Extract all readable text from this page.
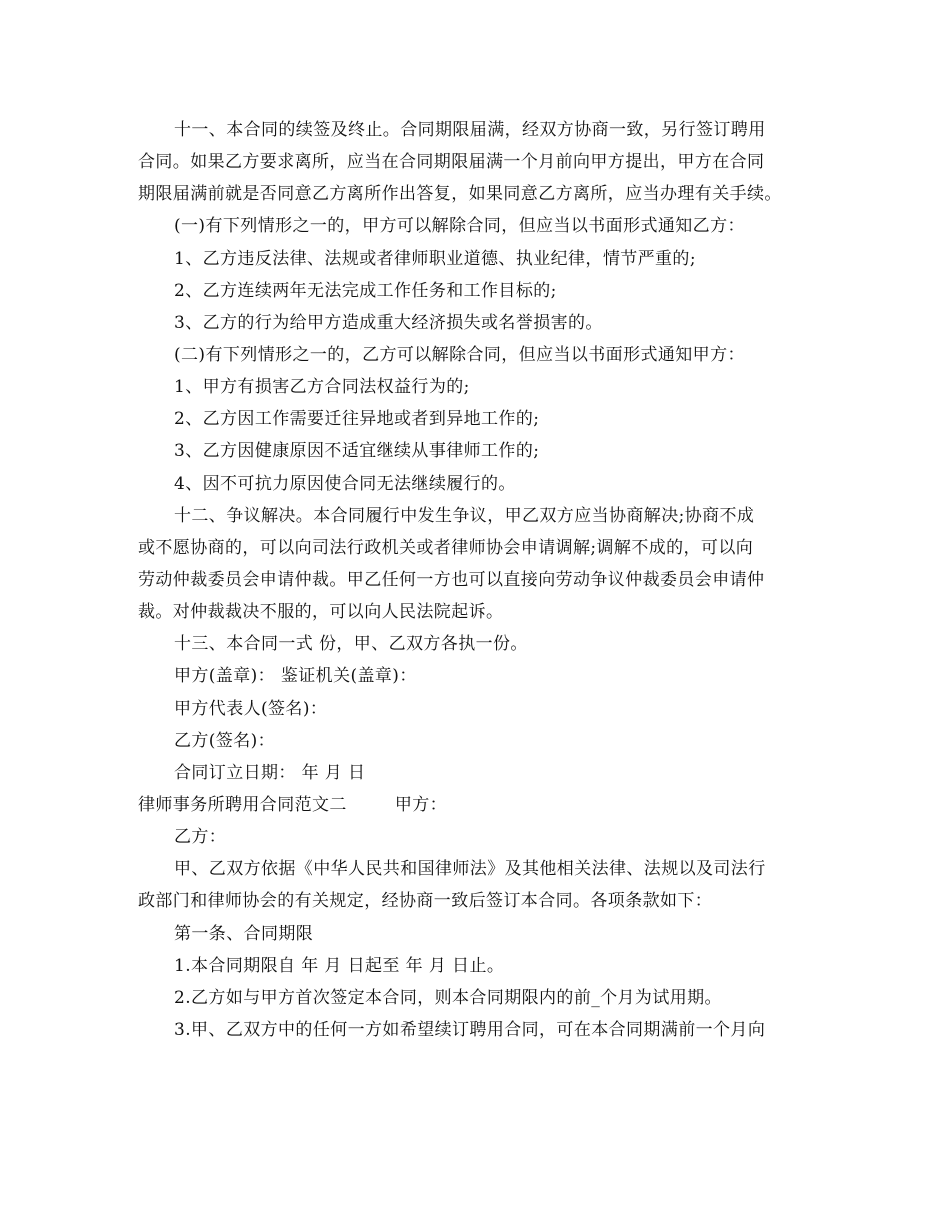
十一、本合同的续签及终止。合同期限届满，经双方协商一致，另行签订聘用
合同。如果乙方要求离所，应当在合同期限届满一个月前向甲方提出，甲方在合同
期限届满前就是否同意乙方离所作出答复，如果同意乙方离所，应当办理有关手续。
(一)有下列情形之一的，甲方可以解除合同，但应当以书面形式通知乙方：
1、乙方违反法律、法规或者律师职业道德、执业纪律，情节严重的;
2、乙方连续两年无法完成工作任务和工作目标的;
3、乙方的行为给甲方造成重大经济损失或名誉损害的。
(二)有下列情形之一的，乙方可以解除合同，但应当以书面形式通知甲方：
1、甲方有损害乙方合同法权益行为的;
2、乙方因工作需要迁往异地或者到异地工作的;
3、乙方因健康原因不适宜继续从事律师工作的;
4、因不可抗力原因使合同无法继续履行的。
十二、争议解决。本合同履行中发生争议，甲乙双方应当协商解决;协商不成
或不愿协商的，可以向司法行政机关或者律师协会申请调解;调解不成的，可以向
劳动仲裁委员会申请仲裁。甲乙任何一方也可以直接向劳动争议仲裁委员会申请仲
裁。对仲裁裁决不服的，可以向人民法院起诉。
十三、本合同一式 份，甲、乙双方各执一份。
甲方(盖章)： 鉴证机关(盖章)：
甲方代表人(签名)：
乙方(签名)：
合同订立日期： 年 月 日
律师事务所聘用合同范文二	甲方：
乙方：
甲、乙双方依据《中华人民共和国律师法》及其他相关法律、法规以及司法行
政部门和律师协会的有关规定，经协商一致后签订本合同。各项条款如下：
第一条、合同期限
1.本合同期限自 年 月 日起至 年 月 日止。
2.乙方如与甲方首次签定本合同，则本合同期限内的前_个月为试用期。
3.甲、乙双方中的任何一方如希望续订聘用合同，可在本合同期满前一个月向
